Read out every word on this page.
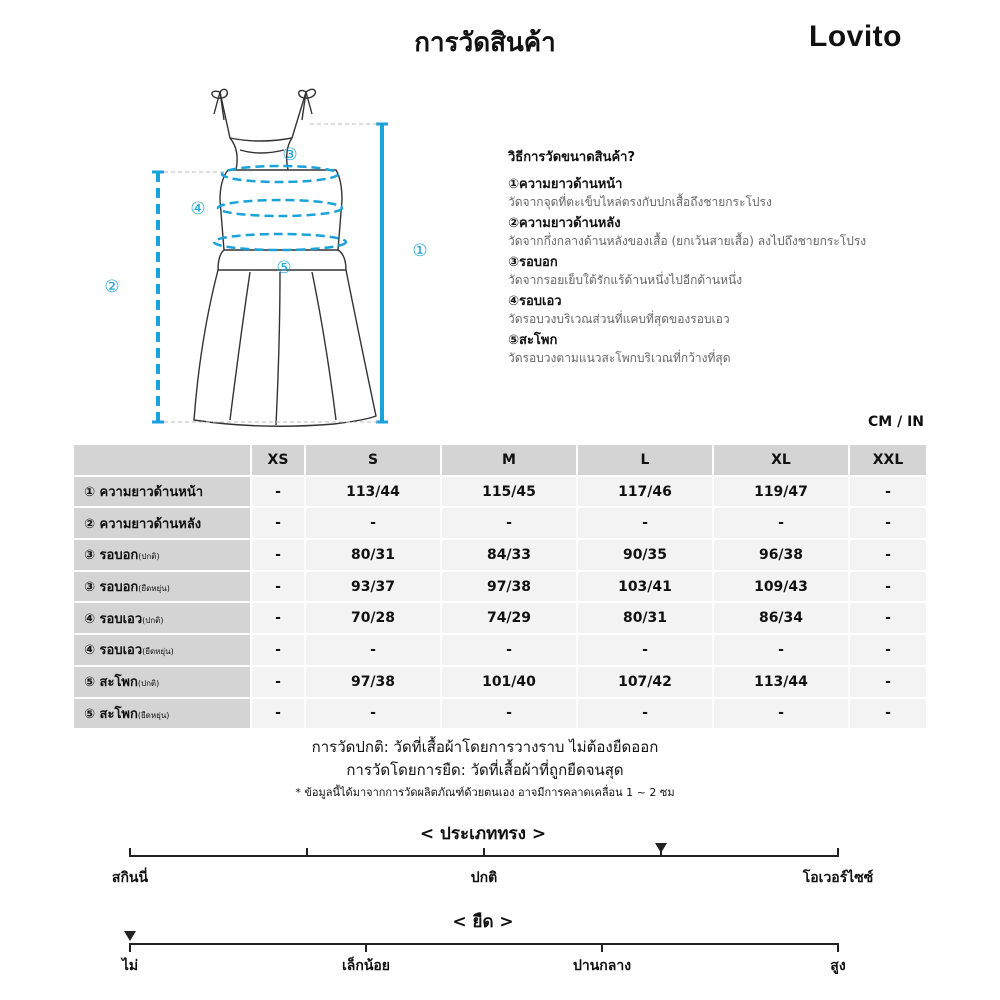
การวัดสินค้า	Lovito
①
②
③
④
⑤
วิธีการวัดขนาดสินค้า?
①ความยาวด้านหน้า
วัดจากจุดที่ตะเข็บไหล่ตรงกับปกเสื้อถึงชายกระโปรง
②ความยาวด้านหลัง
วัดจากกึ่งกลางด้านหลังของเสื้อ (ยกเว้นสายเสื้อ) ลงไปถึงชายกระโปรง
③รอบอก
วัดจากรอยเย็บใต้รักแร้ด้านหนึ่งไปอีกด้านหนึ่ง
④รอบเอว
วัดรอบวงบริเวณส่วนที่แคบที่สุดของรอบเอว
⑤สะโพก
วัดรอบวงตามแนวสะโพกบริเวณที่กว้างที่สุด
CM / IN
	XS	S	M	L	XL	XXL
① ความยาวด้านหน้า	-	113/44	115/45	117/46	119/47	-
② ความยาวด้านหลัง	-	-	-	-	-	-
③ รอบอก(ปกติ)	-	80/31	84/33	90/35	96/38	-
③ รอบอก(ยืดหยุ่น)	-	93/37	97/38	103/41	109/43	-
④ รอบเอว(ปกติ)	-	70/28	74/29	80/31	86/34	-
④ รอบเอว(ยืดหยุ่น)	-	-	-	-	-	-
⑤ สะโพก(ปกติ)	-	97/38	101/40	107/42	113/44	-
⑤ สะโพก(ยืดหยุ่น)	-	-	-	-	-	-
การวัดปกติ: วัดที่เสื้อผ้าโดยการวางราบ ไม่ต้องยืดออก
การวัดโดยการยืด: วัดที่เสื้อผ้าที่ถูกยืดจนสุด
* ข้อมูลนี้ได้มาจากการวัดผลิตภัณฑ์ด้วยตนเอง อาจมีการคลาดเคลื่อน 1 ~ 2 ซม
< ประเภททรง >
สกินนี่	ปกติ	โอเวอร์ไซซ์
< ยืด >
ไม่	เล็กน้อย	ปานกลาง	สูง
